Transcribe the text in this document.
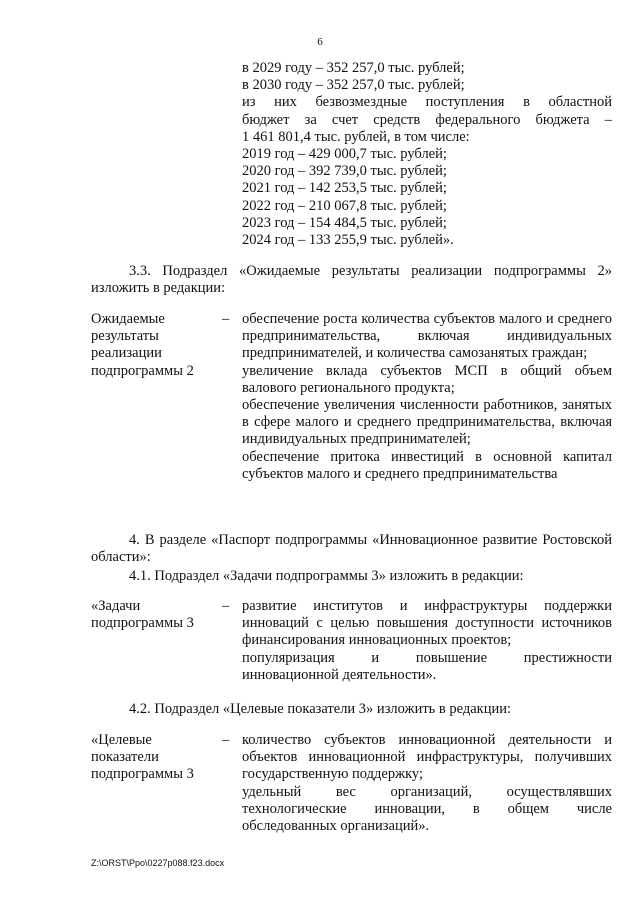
6
в 2029 году – 352 257,0 тыс. рублей;
в 2030 году – 352 257,0 тыс. рублей;
из них безвозмездные поступления в областной
бюджет за счет средств федерального бюджета –
1 461 801,4 тыс. рублей, в том числе:
2019 год – 429 000,7 тыс. рублей;
2020 год – 392 739,0 тыс. рублей;
2021 год – 142 253,5 тыс. рублей;
2022 год – 210 067,8 тыс. рублей;
2023 год – 154 484,5 тыс. рублей;
2024 год – 133 255,9 тыс. рублей».
3.3. Подраздел «Ожидаемые результаты реализации подпрограммы 2» изложить в редакции:
Ожидаемые
результаты
реализации
подпрограммы 2
– обеспечение роста количества субъектов малого и среднего предпринимательства, включая индивидуальных предпринимателей, и количества самозанятых граждан;
увеличение вклада субъектов МСП в общий объем валового регионального продукта;
обеспечение увеличения численности работников, занятых в сфере малого и среднего предпринимательства, включая индивидуальных предпринимателей;
обеспечение притока инвестиций в основной капитал субъектов малого и среднего предпринимательства
4. В разделе «Паспорт подпрограммы «Инновационное развитие Ростовской области»:
4.1. Подраздел «Задачи подпрограммы 3» изложить в редакции:
«Задачи
подпрограммы 3
– развитие институтов и инфраструктуры поддержки инноваций с целью повышения доступности источников финансирования инновационных проектов;
популяризация и повышение престижности инновационной деятельности».
4.2. Подраздел «Целевые показатели 3» изложить в редакции:
«Целевые
показатели
подпрограммы 3
– количество субъектов инновационной деятельности и объектов инновационной инфраструктуры, получивших государственную поддержку;
удельный вес организаций, осуществлявших технологические инновации, в общем числе обследованных организаций».
Z:\ORST\Ppo\0227p088.f23.docx
